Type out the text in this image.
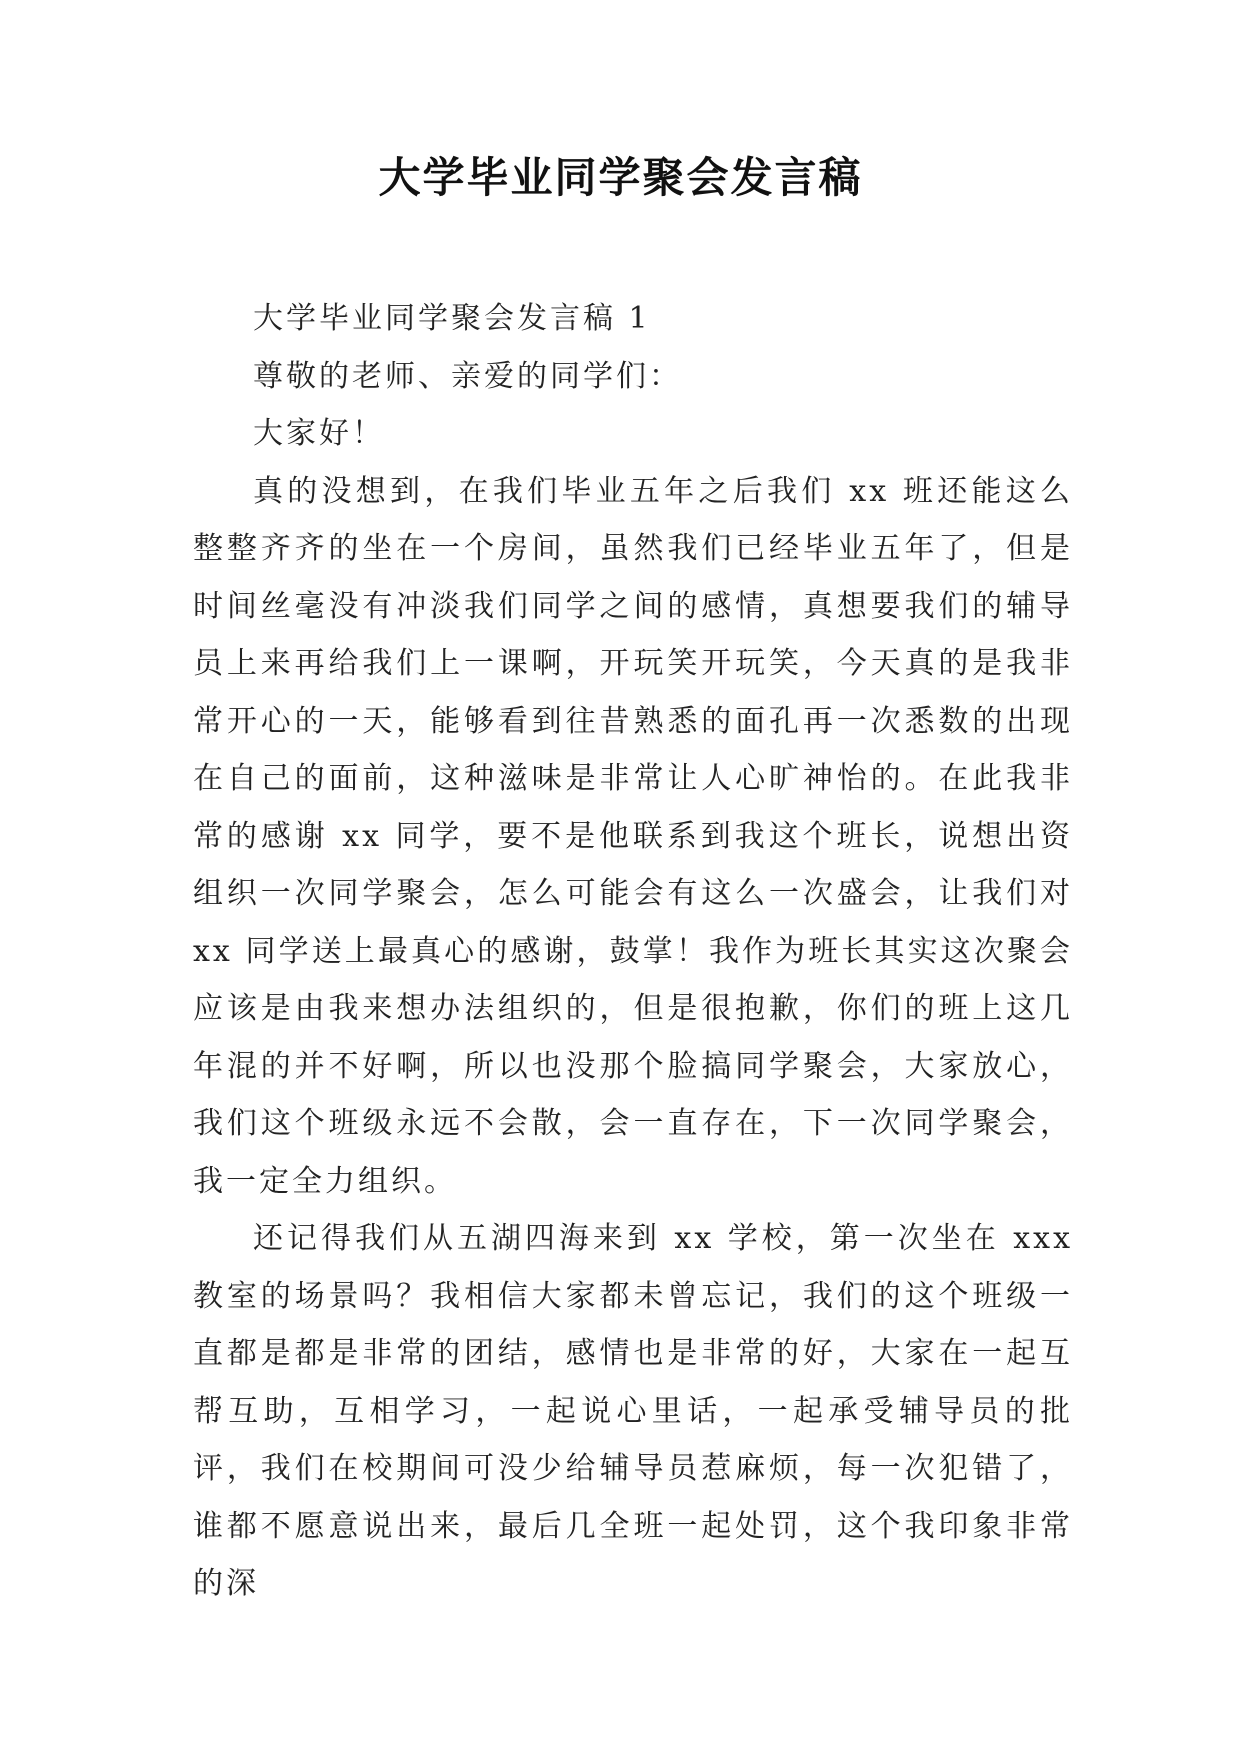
大学毕业同学聚会发言稿

大学毕业同学聚会发言稿 1

尊敬的老师、亲爱的同学们：

大家好！

真的没想到，在我们毕业五年之后我们 xx 班还能这么整整齐齐的坐在一个房间，虽然我们已经毕业五年了，但是时间丝毫没有冲淡我们同学之间的感情，真想要我们的辅导员上来再给我们上一课啊，开玩笑开玩笑，今天真的是我非常开心的一天，能够看到往昔熟悉的面孔再一次悉数的出现在自己的面前，这种滋味是非常让人心旷神怡的。在此我非常的感谢 xx 同学，要不是他联系到我这个班长，说想出资组织一次同学聚会，怎么可能会有这么一次盛会，让我们对 xx 同学送上最真心的感谢，鼓掌！我作为班长其实这次聚会应该是由我来想办法组织的，但是很抱歉，你们的班上这几年混的并不好啊，所以也没那个脸搞同学聚会，大家放心，我们这个班级永远不会散，会一直存在，下一次同学聚会，我一定全力组织。

还记得我们从五湖四海来到 xx 学校，第一次坐在 xxx 教室的场景吗？我相信大家都未曾忘记，我们的这个班级一直都是都是非常的团结，感情也是非常的好，大家在一起互帮互助，互相学习，一起说心里话，一起承受辅导员的批评，我们在校期间可没少给辅导员惹麻烦，每一次犯错了，谁都不愿意说出来，最后几全班一起处罚，这个我印象非常的深
